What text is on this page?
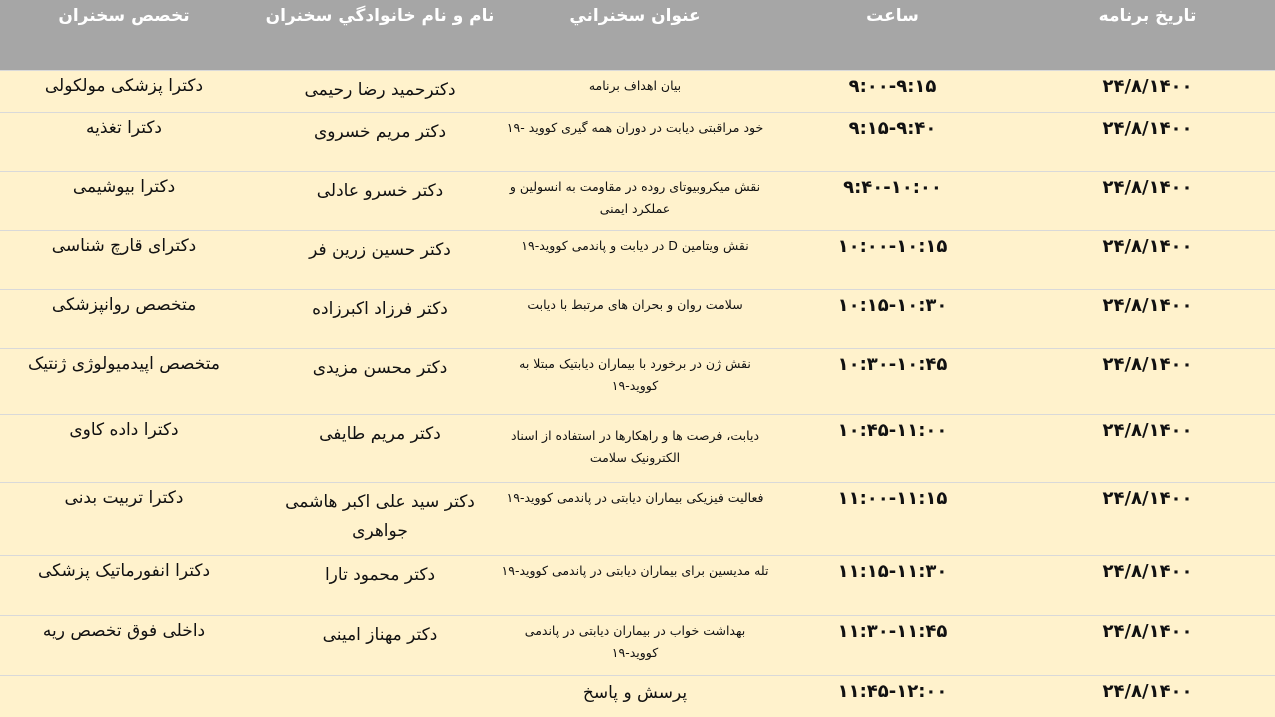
تاريخ برنامه
ساعت
عنوان سخنراني
نام و نام خانوادگي سخنران
تخصص سخنران
۲۴/۸/۱۴۰۰
۹:۰۰-۹:۱۵
بیان اهداف برنامه
دکترحمید رضا رحیمی
دکترا پزشکی مولکولی
۲۴/۸/۱۴۰۰
۹:۱۵-۹:۴۰
خود مراقبتی دیابت در دوران همه گیری کووید -۱۹
دکتر مریم خسروی
دکترا تغذیه
۲۴/۸/۱۴۰۰
۹:۴۰-۱۰:۰۰
نقش میکروبیوتای روده در مقاومت به انسولین و عملکرد ایمنی
دکتر خسرو عادلی
دکترا بیوشیمی
۲۴/۸/۱۴۰۰
۱۰:۰۰-۱۰:۱۵
نقش ویتامین D در دیابت و پاندمی کووید-۱۹
دکتر حسین زرین فر
دکترای قارچ شناسی
۲۴/۸/۱۴۰۰
۱۰:۱۵-۱۰:۳۰
سلامت روان و بحران های مرتبط با دیابت
دکتر فرزاد اکبرزاده
متخصص روانپزشکی
۲۴/۸/۱۴۰۰
۱۰:۳۰-۱۰:۴۵
نقش ژن در برخورد با بیماران دیابتیک مبتلا به کووید-۱۹
دکتر محسن مزیدی
متخصص اپیدمیولوژی ژنتیک
۲۴/۸/۱۴۰۰
۱۰:۴۵-۱۱:۰۰
دیابت، فرصت ها و راهکارها در استفاده از اسناد الکترونیک سلامت
دکتر مریم طایفی
دکترا داده کاوی
۲۴/۸/۱۴۰۰
۱۱:۰۰-۱۱:۱۵
فعالیت فیزیکی بیماران دیابتی در پاندمی کووید-۱۹
دکتر سید علی اکبر هاشمی جواهری
دکترا تربیت بدنی
۲۴/۸/۱۴۰۰
۱۱:۱۵-۱۱:۳۰
تله مدیسین برای بیماران دیابتی در پاندمی کووید-۱۹
دکتر محمود تارا
دکترا انفورماتیک پزشکی
۲۴/۸/۱۴۰۰
۱۱:۳۰-۱۱:۴۵
بهداشت خواب در بیماران دیابتی در پاندمی کووید-۱۹
دکتر مهناز امینی
داخلی فوق تخصص ریه
۲۴/۸/۱۴۰۰
۱۱:۴۵-۱۲:۰۰
پرسش و پاسخ
